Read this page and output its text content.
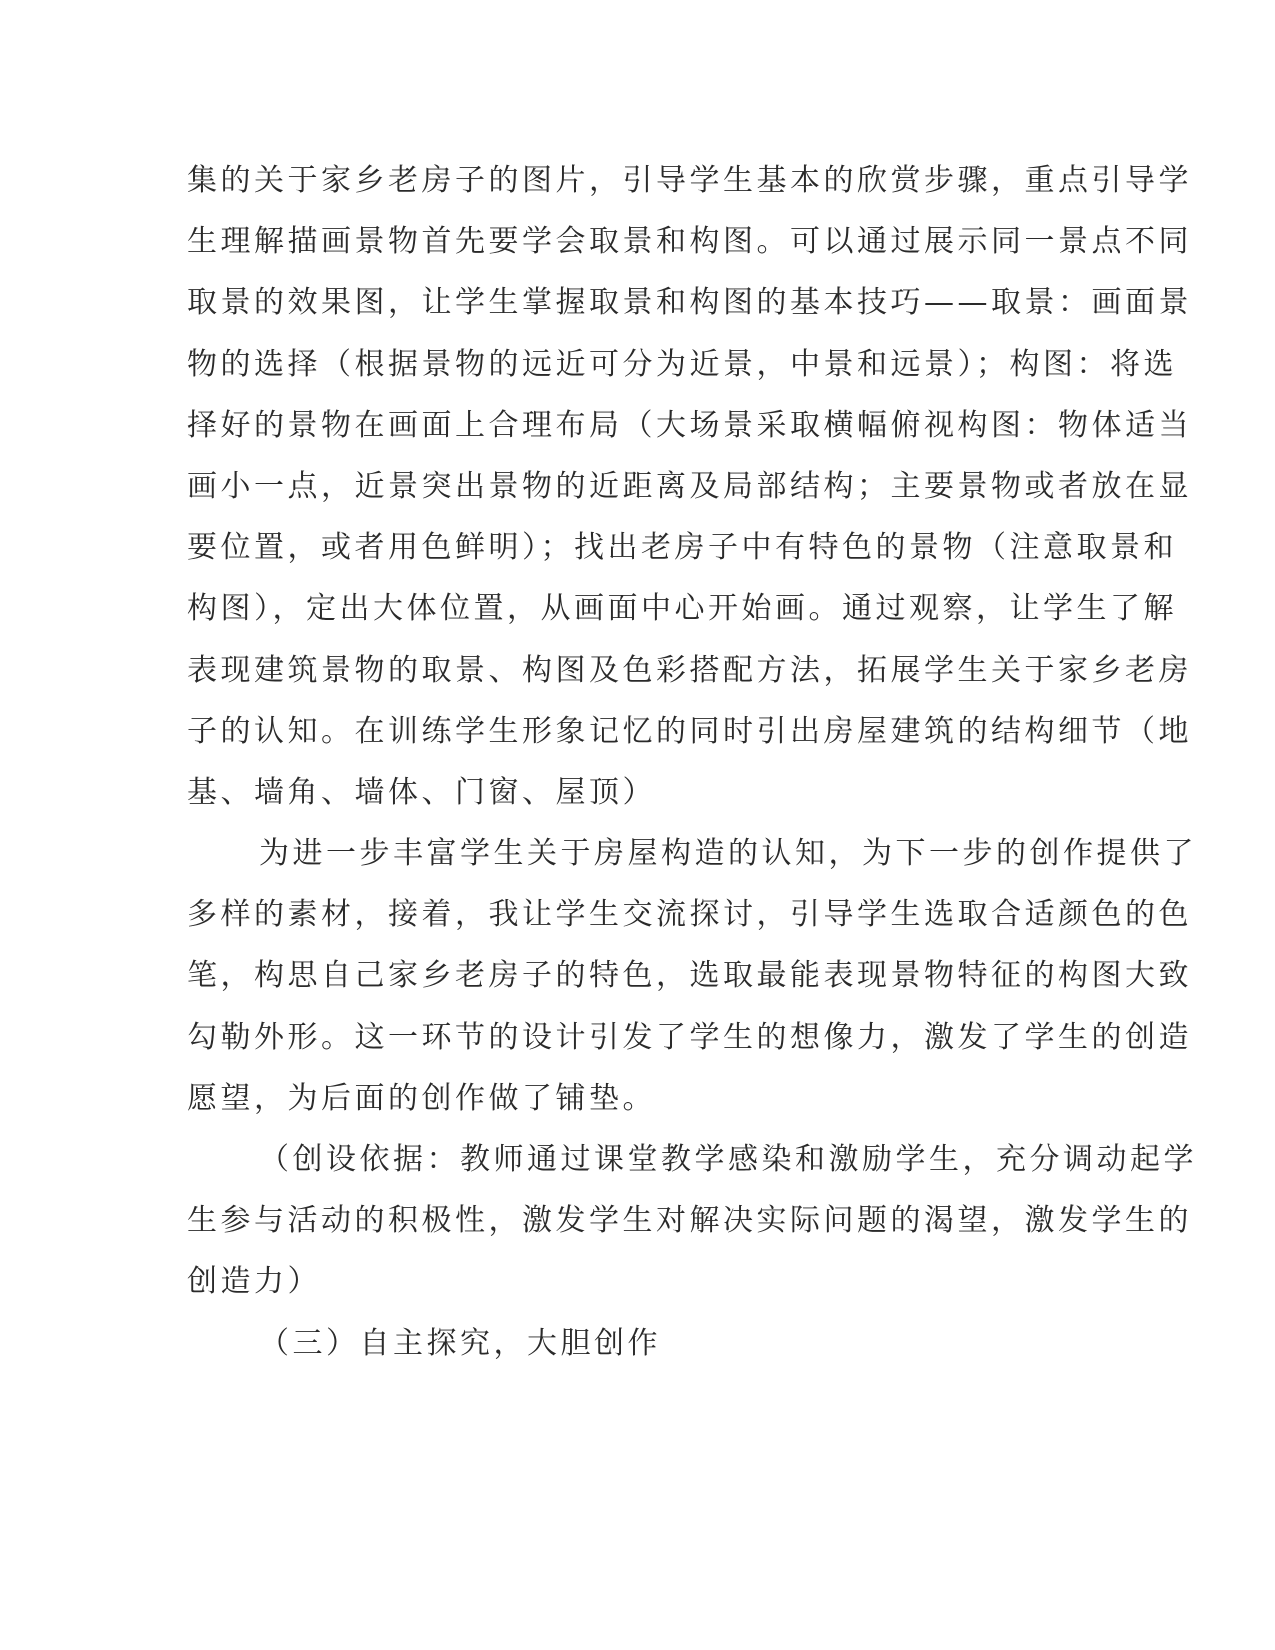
集的关于家乡老房子的图片，引导学生基本的欣赏步骤，重点引导学
生理解描画景物首先要学会取景和构图。可以通过展示同一景点不同
取景的效果图，让学生掌握取景和构图的基本技巧——取景：画面景
物的选择（根据景物的远近可分为近景，中景和远景）；构图：将选
择好的景物在画面上合理布局（大场景采取横幅俯视构图：物体适当
画小一点，近景突出景物的近距离及局部结构；主要景物或者放在显
要位置，或者用色鲜明）；找出老房子中有特色的景物（注意取景和
构图），定出大体位置，从画面中心开始画。通过观察，让学生了解
表现建筑景物的取景、构图及色彩搭配方法，拓展学生关于家乡老房
子的认知。在训练学生形象记忆的同时引出房屋建筑的结构细节（地
基、墙角、墙体、门窗、屋顶）
为进一步丰富学生关于房屋构造的认知，为下一步的创作提供了
多样的素材，接着，我让学生交流探讨，引导学生选取合适颜色的色
笔，构思自己家乡老房子的特色，选取最能表现景物特征的构图大致
勾勒外形。这一环节的设计引发了学生的想像力，激发了学生的创造
愿望，为后面的创作做了铺垫。
（创设依据：教师通过课堂教学感染和激励学生，充分调动起学
生参与活动的积极性，激发学生对解决实际问题的渴望，激发学生的
创造力）
（三）自主探究，大胆创作
